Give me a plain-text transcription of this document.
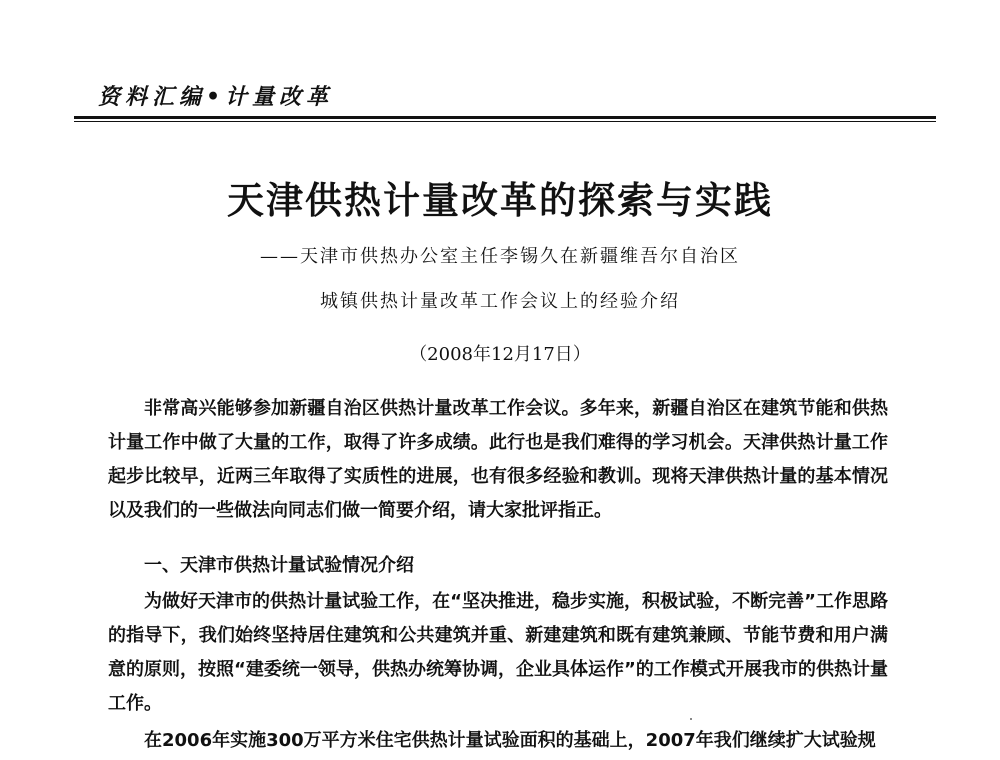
资料汇编•计量改革
天津供热计量改革的探索与实践
——天津市供热办公室主任李锡久在新疆维吾尔自治区
城镇供热计量改革工作会议上的经验介绍
（2008年12月17日）

非常高兴能够参加新疆自治区供热计量改革工作会议。多年来，新疆自治区在建筑节能和供热计量工作中做了大量的工作，取得了许多成绩。此行也是我们难得的学习机会。天津供热计量工作起步比较早，近两三年取得了实质性的进展，也有很多经验和教训。现将天津供热计量的基本情况以及我们的一些做法向同志们做一简要介绍，请大家批评指正。

一、天津市供热计量试验情况介绍

为做好天津市的供热计量试验工作，在“坚决推进，稳步实施，积极试验，不断完善”工作思路的指导下，我们始终坚持居住建筑和公共建筑并重、新建建筑和既有建筑兼顾、节能节费和用户满意的原则，按照“建委统一领导，供热办统筹协调，企业具体运作”的工作模式开展我市的供热计量工作。

在2006年实施300万平方米住宅供热计量试验面积的基础上，2007年我们继续扩大试验规
